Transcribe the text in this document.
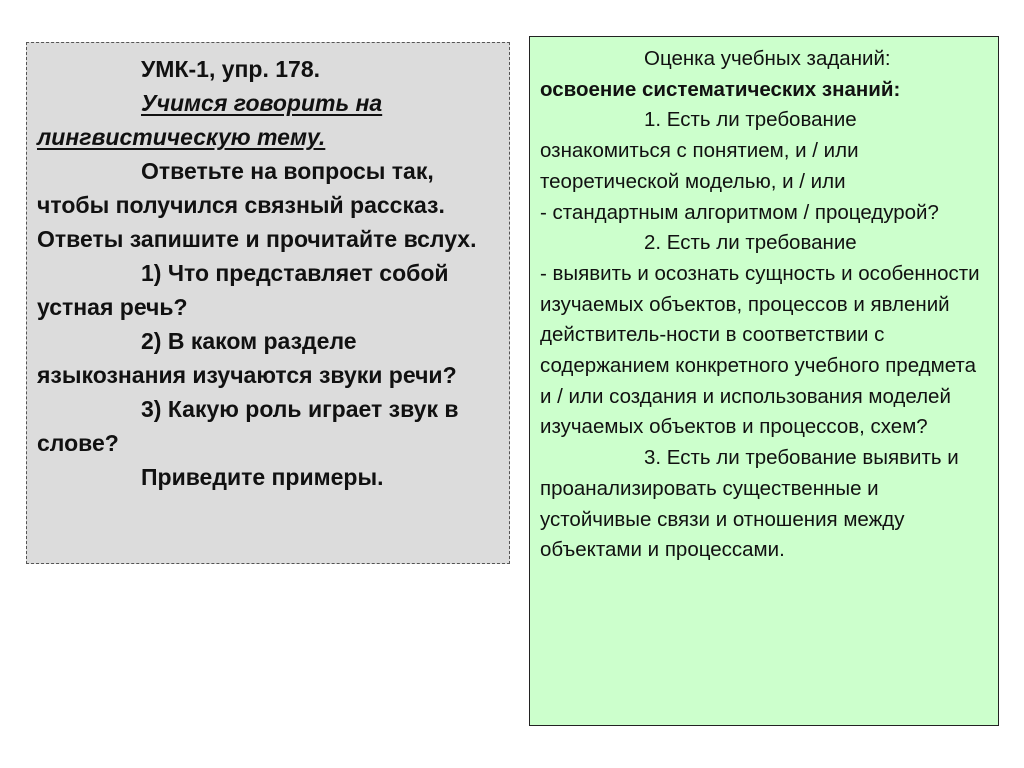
УМК-1, упр. 178.

Учимся говорить на лингвистическую тему.

Ответьте на вопросы так, чтобы получился связный рассказ. Ответы запишите и прочитайте вслух.

1) Что представляет собой устная речь?

2) В каком разделе языкознания изучаются звуки речи?

3) Какую роль играет звук в слове?

Приведите примеры.

Оценка учебных заданий:

освоение систематических знаний:

1. Есть ли требование ознакомиться с понятием, и / или теоретической моделью, и / или

- стандартным алгоритмом / процедурой?

2. Есть ли требование

- выявить и осознать сущность и особенности изучаемых объектов, процессов и явлений действитель-ности в соответствии с содержанием конкретного учебного предмета

и / или создания и использования моделей изучаемых объектов и процессов, схем?

3. Есть ли требование выявить и проанализировать существенные и устойчивые связи и отношения между объектами и процессами.
